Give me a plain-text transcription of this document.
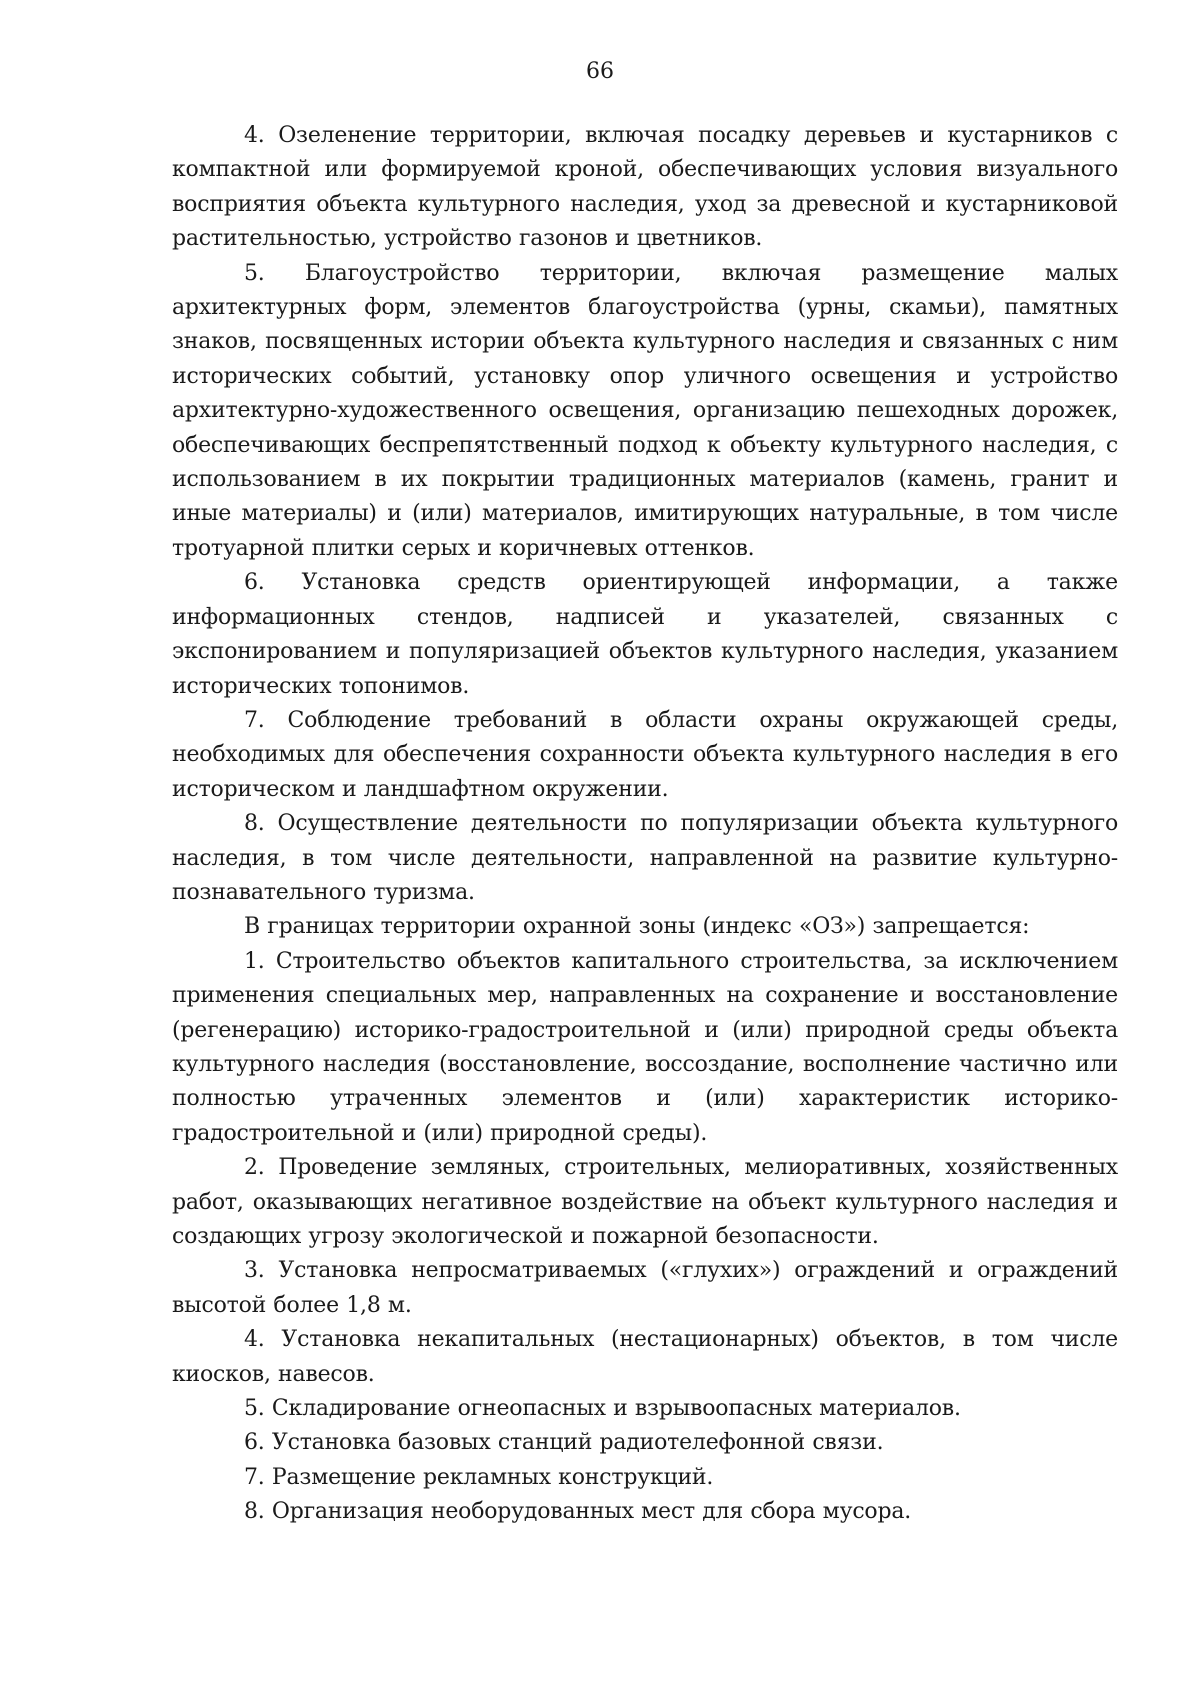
66

4. Озеленение территории, включая посадку деревьев и кустарников с компактной или формируемой кроной, обеспечивающих условия визуального восприятия объекта культурного наследия, уход за древесной и кустарниковой растительностью, устройство газонов и цветников.

5. Благоустройство территории, включая размещение малых архитектурных форм, элементов благоустройства (урны, скамьи), памятных знаков, посвященных истории объекта культурного наследия и связанных с ним исторических событий, установку опор уличного освещения и устройство архитектурно-художественного освещения, организацию пешеходных дорожек, обеспечивающих беспрепятственный подход к объекту культурного наследия, с использованием в их покрытии традиционных материалов (камень, гранит и иные материалы) и (или) материалов, имитирующих натуральные, в том числе тротуарной плитки серых и коричневых оттенков.

6. Установка средств ориентирующей информации, а также информационных стендов, надписей и указателей, связанных с экспонированием и популяризацией объектов культурного наследия, указанием исторических топонимов.

7. Соблюдение требований в области охраны окружающей среды, необходимых для обеспечения сохранности объекта культурного наследия в его историческом и ландшафтном окружении.

8. Осуществление деятельности по популяризации объекта культурного наследия, в том числе деятельности, направленной на развитие культурно-познавательного туризма.

В границах территории охранной зоны (индекс «ОЗ») запрещается:

1. Строительство объектов капитального строительства, за исключением применения специальных мер, направленных на сохранение и восстановление (регенерацию) историко-градостроительной и (или) природной среды объекта культурного наследия (восстановление, воссоздание, восполнение частично или полностью утраченных элементов и (или) характеристик историко-градостроительной и (или) природной среды).

2. Проведение земляных, строительных, мелиоративных, хозяйственных работ, оказывающих негативное воздействие на объект культурного наследия и создающих угрозу экологической и пожарной безопасности.

3. Установка непросматриваемых («глухих») ограждений и ограждений высотой более 1,8 м.

4. Установка некапитальных (нестационарных) объектов, в том числе киосков, навесов.

5. Складирование огнеопасных и взрывоопасных материалов.

6. Установка базовых станций радиотелефонной связи.

7. Размещение рекламных конструкций.

8. Организация необорудованных мест для сбора мусора.
